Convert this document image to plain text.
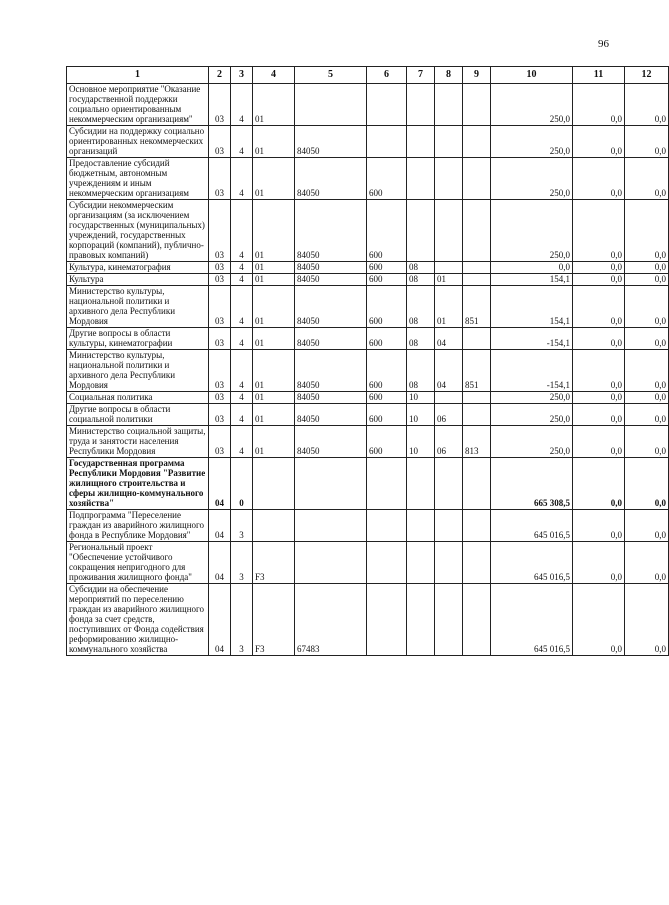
96
1	2	3	4	5	6	7	8	9	10	11	12
Основное мероприятие "Оказание государственной поддержки социально ориентированным некоммерческим организациям"	03	4	01						250,0	0,0	0,0
Субсидии на поддержку социально ориентированных некоммерческих организаций	03	4	01	84050					250,0	0,0	0,0
Предоставление субсидий бюджетным, автономным учреждениям и иным некоммерческим организациям	03	4	01	84050	600				250,0	0,0	0,0
Субсидии некоммерческим организациям (за исключением государственных (муниципальных) учреждений, государственных корпораций (компаний), публично-правовых компаний)	03	4	01	84050	600				250,0	0,0	0,0
Культура, кинематография	03	4	01	84050	600	08			0,0	0,0	0,0
Культура	03	4	01	84050	600	08	01		154,1	0,0	0,0
Министерство культуры, национальной политики и архивного дела Республики Мордовия	03	4	01	84050	600	08	01	851	154,1	0,0	0,0
Другие вопросы в области культуры, кинематографии	03	4	01	84050	600	08	04		-154,1	0,0	0,0
Министерство культуры, национальной политики и архивного дела Республики Мордовия	03	4	01	84050	600	08	04	851	-154,1	0,0	0,0
Социальная политика	03	4	01	84050	600	10			250,0	0,0	0,0
Другие вопросы в области социальной политики	03	4	01	84050	600	10	06		250,0	0,0	0,0
Министерство социальной защиты, труда и занятости населения Республики Мордовия	03	4	01	84050	600	10	06	813	250,0	0,0	0,0
Государственная программа Республики Мордовия "Развитие жилищного строительства и сферы жилищно-коммунального хозяйства"	04	0							665 308,5	0,0	0,0
Подпрограмма "Переселение граждан из аварийного жилищного фонда в Республике Мордовия"	04	3							645 016,5	0,0	0,0
Региональный проект "Обеспечение устойчивого сокращения непригодного для проживания жилищного фонда"	04	3	F3						645 016,5	0,0	0,0
Субсидии на обеспечение мероприятий по переселению граждан из аварийного жилищного фонда за счет средств, поступивших от Фонда содействия реформированию жилищно-коммунального хозяйства	04	3	F3	67483					645 016,5	0,0	0,0
